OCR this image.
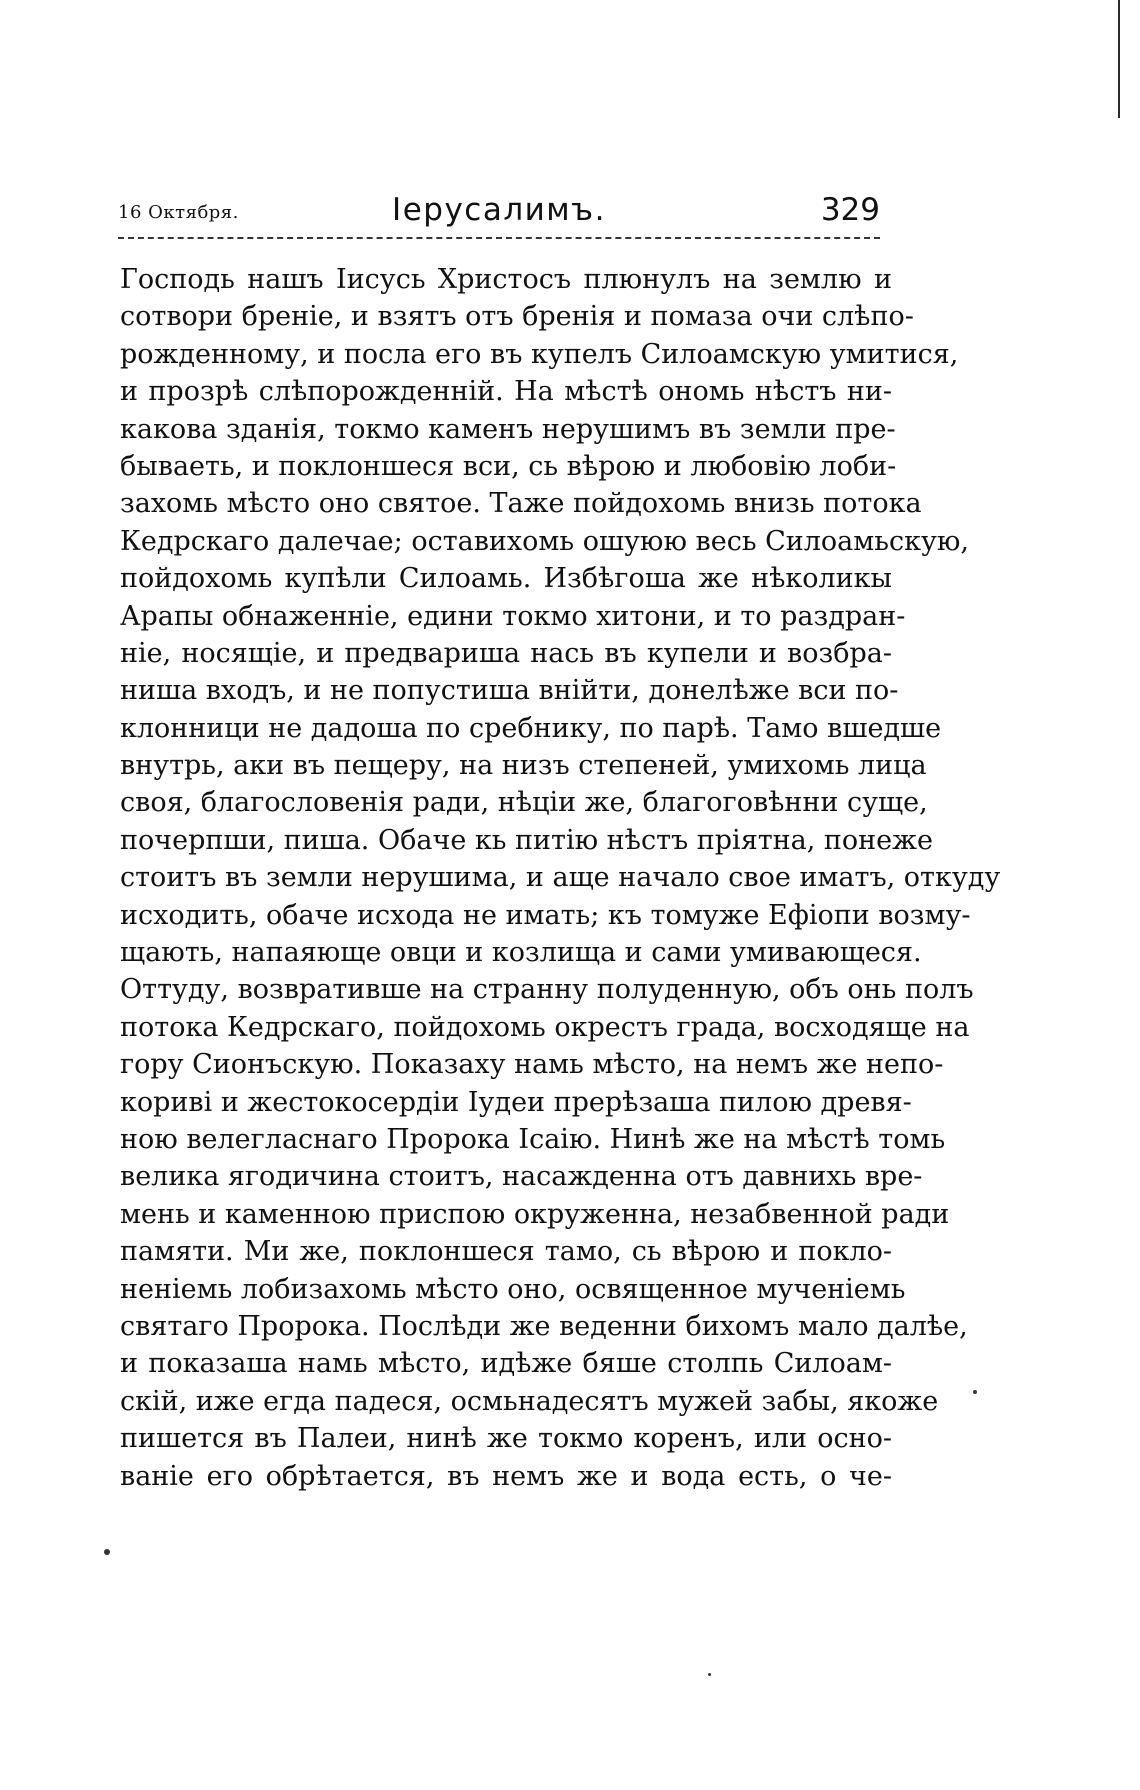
16 Октября.	Іерусалимъ.	329
Господь нашъ Іисусь Христосъ плюнулъ на землю и
сотвори бреніе, и взятъ отъ бренія и помаза очи слѣпо-
рожденному, и посла его въ купелъ Силоамскую умитися,
и прозрѣ слѣпорожденній. На мѣстѣ ономь нѣстъ ни-
какова зданія, токмо каменъ нерушимъ въ земли пре-
бываеть, и поклоншеся вси, сь вѣрою и любовію лоби-
захомь мѣсто оно святое. Таже пойдохомь внизь потока
Кедрскаго далечае; оставихомь ошуюю весь Силоамьскую,
пойдохомь купѣли Силоамь. Избѣгоша же нѣколикы
Арапы обнаженніе, едини токмо хитони, и то раздран-
ніе, носящіе, и предвариша нась въ купели и возбра-
ниша входъ, и не попустиша внійти, донелѣже вси по-
клонници не дадоша по сребнику, по парѣ. Тамо вшедше
внутрь, аки въ пещеру, на низъ степеней, умихомь лица
своя, благословенія ради, нѣціи же, благоговѣнни суще,
почерпши, пиша. Обаче кь питію нѣстъ пріятна, понеже
стоитъ въ земли нерушима, и аще начало свое иматъ, откуду
исходить, обаче исхода не имать; къ томуже Ефіопи возму-
щають, напаяюще овци и козлища и сами умивающеся.
Оттуду, возвратившe на странну полуденную, объ онь полъ
потока Кедрскаго, пойдохомь окрестъ града, восходяще на
гору Сионъскую. Показаху намь мѣсто, на немъ же непо-
кориві и жестокосердіи Іудеи прерѣзаша пилою древя-
ною велегласнаго Пророка Ісаію. Нинѣ же на мѣстѣ томь
велика ягодичина стоитъ, насажденна отъ давнихь вре-
мень и каменною приспою окруженна, незабвенной ради
памяти. Ми же, поклоншеся тамо, сь вѣрою и покло-
неніемь лобизахомь мѣсто оно, освященное мученіемь
святаго Пророка. Послѣди же веденни бихомъ мало далѣе,
и показаша намь мѣсто, идѣже бяше столпь Силоам-
скій, иже егда падеся, осмьнадесятъ мужей забы, якоже
пишется въ Палеи, нинѣ же токмо коренъ, или осно-
ваніе его обрѣтается, въ немъ же и вода есть, о че-
